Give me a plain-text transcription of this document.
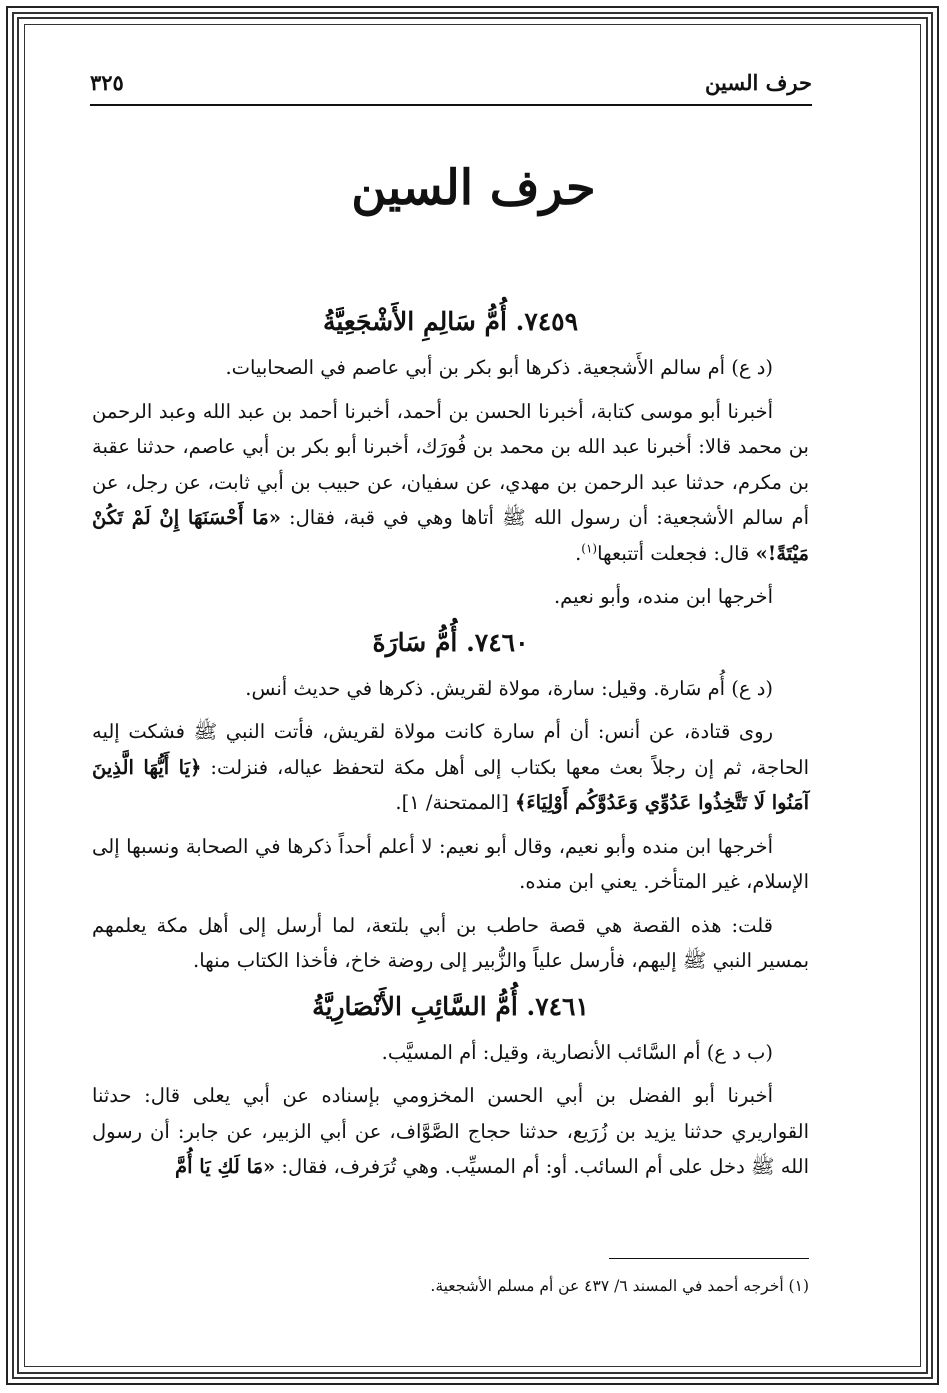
حرف السين
٣٢٥
حرف السين
٧٤٥٩. أُمُّ سَالِمِ الأَشْجَعِيَّةُ

(د ع) أم سالم الأَشجعية. ذكرها أبو بكر بن أبي عاصم في الصحابيات.

أخبرنا أبو موسى كتابة، أخبرنا الحسن بن أحمد، أخبرنا أحمد بن عبد الله وعبد الرحمن بن محمد قالا: أخبرنا عبد الله بن محمد بن فُورَك، أخبرنا أبو بكر بن أبي عاصم، حدثنا عقبة بن مكرم، حدثنا عبد الرحمن بن مهدي، عن سفيان، عن حبيب بن أبي ثابت، عن رجل، عن أم سالم الأشجعية: أن رسول الله ﷺ أتاها وهي في قبة، فقال: «مَا أَحْسَنَهَا إِنْ لَمْ تَكُنْ مَيْتَةً!» قال: فجعلت أتتبعها$^{(١)}$.

أخرجها ابن منده، وأبو نعيم.

٧٤٦٠. أُمُّ سَارَةَ

(د ع) أُم سَارة. وقيل: سارة، مولاة لقريش. ذكرها في حديث أنس.

روى قتادة، عن أنس: أن أم سارة كانت مولاة لقريش، فأتت النبي ﷺ فشكت إليه الحاجة، ثم إن رجلاً بعث معها بكتاب إلى أهل مكة لتحفظ عياله، فنزلت: ﴿يَا أَيُّهَا الَّذِينَ آمَنُوا لَا تَتَّخِذُوا عَدُوِّي وَعَدُوَّكُم أَوْلِيَاءَ﴾ [الممتحنة/ ١].

أخرجها ابن منده وأبو نعيم، وقال أبو نعيم: لا أعلم أحداً ذكرها في الصحابة ونسبها إلى الإسلام، غير المتأخر. يعني ابن منده.

قلت: هذه القصة هي قصة حاطب بن أبي بلتعة، لما أرسل إلى أهل مكة يعلمهم بمسير النبي ﷺ إليهم، فأرسل علياً والزُّبير إلى روضة خاخ، فأخذا الكتاب منها.

٧٤٦١. أُمُّ السَّائِبِ الأَنْصَارِيَّةُ

(ب د ع) أم السَّائب الأنصارية، وقيل: أم المسيَّب.

أخبرنا أبو الفضل بن أبي الحسن المخزومي بإسناده عن أبي يعلى قال: حدثنا القواريري حدثنا يزيد بن زُرَيع، حدثنا حجاج الصَّوَّاف، عن أبي الزبير، عن جابر: أن رسول الله ﷺ دخل على أم السائب. أو: أم المسيِّب. وهي تُرَفرف، فقال: «مَا لَكِ يَا أُمَّ

(١) أخرجه أحمد في المسند ٦/ ٤٣٧ عن أم مسلم الأشجعية.
